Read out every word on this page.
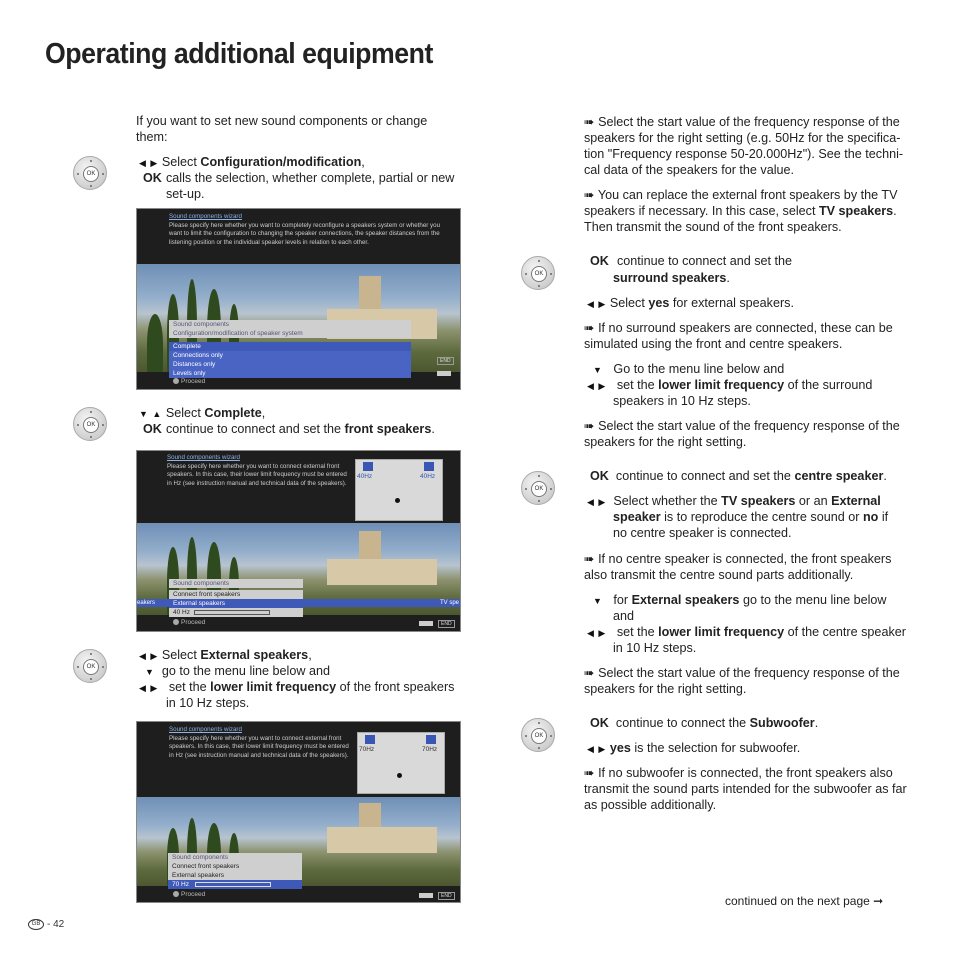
Operating additional equipment
If you want to set new sound components or change them:
OK
◀ ▶ Select Configuration/modification,
OK calls the selection, whether complete, partial or new set-up.
Sound components wizard
Please specify here whether you want to completely reconfigure a speakers system or whether you want to limit the configuration to changing the speaker connections, the speaker distances from the listening position or the individual speaker levels in relation to each other.
Sound components
Configuration/modification of speaker system
Complete
Connections only
Distances only
Levels only
END
Proceed
OK
▼ ▲ Select Complete,
OK continue to connect and set the front speakers.
Sound components wizard
Please specify here whether you want to connect external front speakers. In this case, their lower limit frequency must be entered in Hz (see instruction manual and technical data of the speakers).
40Hz	40Hz
eakers	TV spe
Sound components
Connect front speakers
External speakers
40 Hz
END
Proceed
OK
◀ ▶ Select External speakers,
▼ go to the menu line below and
◀ ▶ set the lower limit frequency of the front speakers
in 10 Hz steps.
Sound components wizard
Please specify here whether you want to connect external front speakers. In this case, their lower limit frequency must be entered in Hz (see instruction manual and technical data of the speakers).
70Hz	70Hz
Sound components
Connect front speakers
External speakers
70 Hz
END
Proceed
➠ Select the start value of the frequency response of the speakers for the right setting (e.g. 50Hz for the specifica-tion "Frequency response 50-20.000Hz"). See the techni-cal data of the speakers for the value.
➠ You can replace the external front speakers by the TV speakers if necessary. In this case, select TV speakers. Then transmit the sound of the front speakers.
OK
OK continue to connect and set the
surround speakers.
◀ ▶ Select yes for external speakers.
➠ If no surround speakers are connected, these can be simulated using the front and centre speakers.
▼ Go to the menu line below and
◀ ▶ set the lower limit frequency of the surround
speakers in 10 Hz steps.
➠ Select the start value of the frequency response of the speakers for the right setting.
OK
OK continue to connect and set the centre speaker.
◀ ▶ Select whether the TV speakers or an External
speaker is to reproduce the centre sound or no if
no centre speaker is connected.
➠ If no centre speaker is connected, the front speakers also transmit the centre sound parts additionally.
▼ for External speakers go to the menu line below
and
◀ ▶ set the lower limit frequency of the centre speaker
in 10 Hz steps.
➠ Select the start value of the frequency response of the speakers for the right setting.
OK
OK continue to connect the Subwoofer.
◀ ▶ yes is the selection for subwoofer.
➠ If no subwoofer is connected, the front speakers also transmit the sound parts intended for the subwoofer as far as possible additionally.
continued on the next page ➞
GB - 42
